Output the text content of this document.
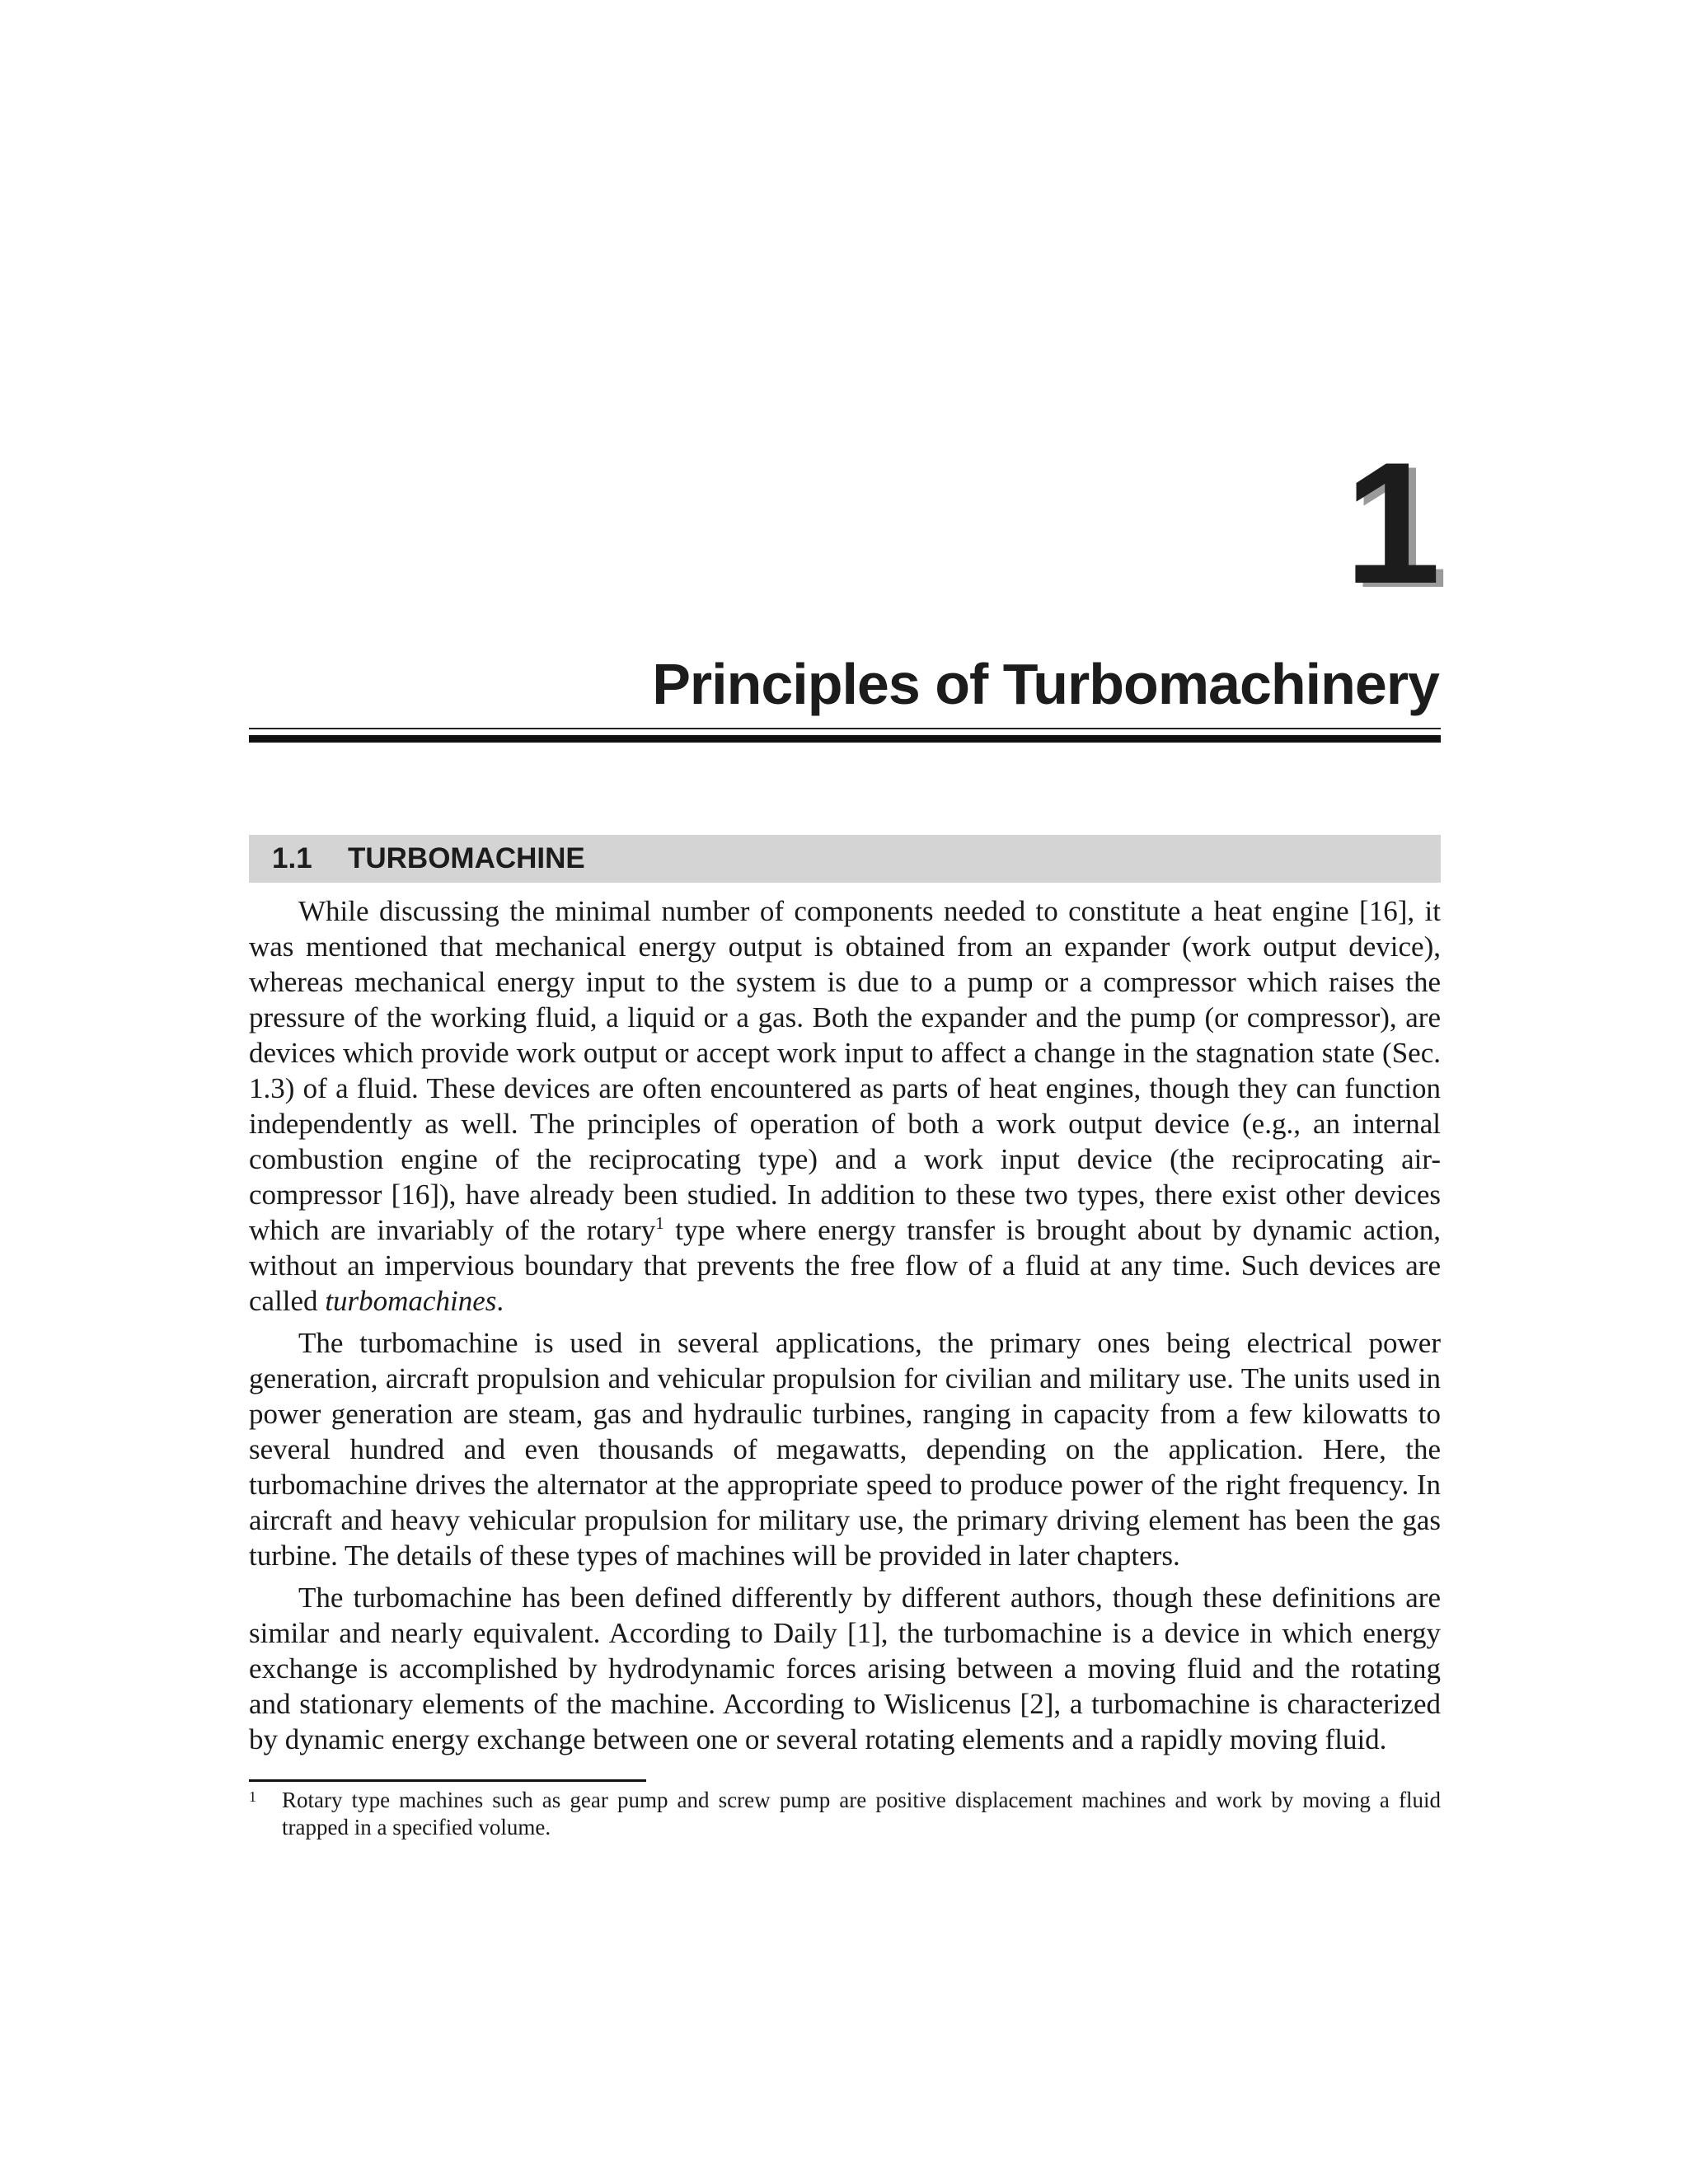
1
Principles of Turbomachinery
1.1 TURBOMACHINE

While discussing the minimal number of components needed to constitute a heat engine [16], it was mentioned that mechanical energy output is obtained from an expander (work output device), whereas mechanical energy input to the system is due to a pump or a compressor which raises the pressure of the working fluid, a liquid or a gas. Both the expander and the pump (or compressor), are devices which provide work output or accept work input to affect a change in the stagnation state (Sec. 1.3) of a fluid. These devices are often encountered as parts of heat engines, though they can function independently as well. The principles of operation of both a work output device (e.g., an internal combustion engine of the reciprocating type) and a work input device (the reciprocating air-compressor [16]), have already been studied. In addition to these two types, there exist other devices which are invariably of the rotary$^1$ type where energy transfer is brought about by dynamic action, without an impervious boundary that prevents the free flow of a fluid at any time. Such devices are called turbomachines.

The turbomachine is used in several applications, the primary ones being electrical power generation, aircraft propulsion and vehicular propulsion for civilian and military use. The units used in power generation are steam, gas and hydraulic turbines, ranging in capacity from a few kilowatts to several hundred and even thousands of megawatts, depending on the application. Here, the turbomachine drives the alternator at the appropriate speed to produce power of the right frequency. In aircraft and heavy vehicular propulsion for military use, the primary driving element has been the gas turbine. The details of these types of machines will be provided in later chapters.

The turbomachine has been defined differently by different authors, though these definitions are similar and nearly equivalent. According to Daily [1], the turbomachine is a device in which energy exchange is accomplished by hydrodynamic forces arising between a moving fluid and the rotating and stationary elements of the machine. According to Wislicenus [2], a turbomachine is characterized by dynamic energy exchange between one or several rotating elements and a rapidly moving fluid.

1 Rotary type machines such as gear pump and screw pump are positive displacement machines and work by moving a fluid trapped in a specified volume.
